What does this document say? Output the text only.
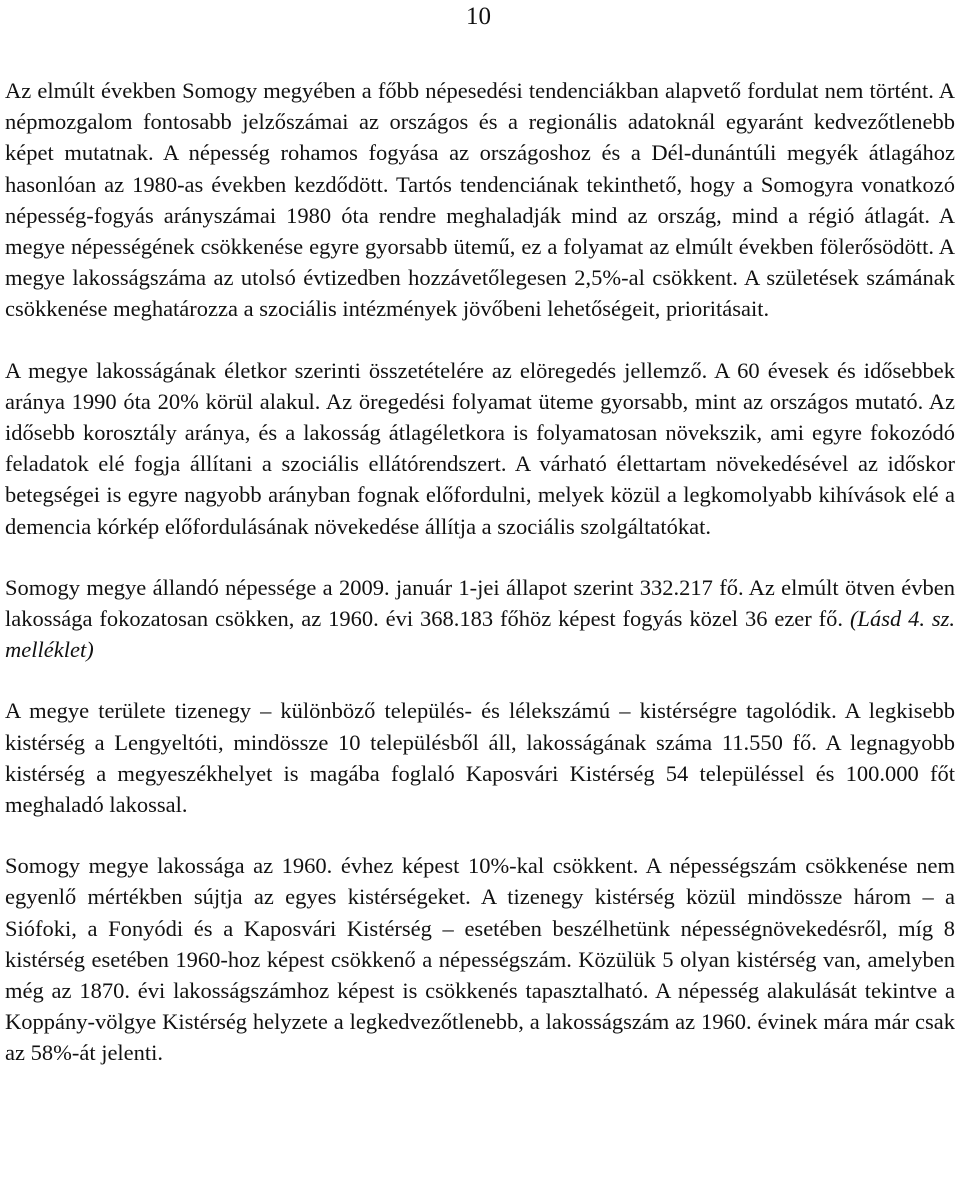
10

Az elmúlt években Somogy megyében a főbb népesedési tendenciákban alapvető fordulat nem történt. A népmozgalom fontosabb jelzőszámai az országos és a regionális adatoknál egyaránt kedvezőtlenebb képet mutatnak. A népesség rohamos fogyása az országoshoz és a Dél-dunántúli megyék átlagához hasonlóan az 1980-as években kezdődött. Tartós tendenciának tekinthető, hogy a Somogyra vonatkozó népesség-fogyás arányszámai 1980 óta rendre meghaladják mind az ország, mind a régió átlagát. A megye népességének csökkenése egyre gyorsabb ütemű, ez a folyamat az elmúlt években fölerősödött. A megye lakosságszáma az utolsó évtizedben hozzávetőlegesen 2,5%-al csökkent. A születések számának csökkenése meghatározza a szociális intézmények jövőbeni lehetőségeit, prioritásait.

A megye lakosságának életkor szerinti összetételére az elöregedés jellemző. A 60 évesek és idősebbek aránya 1990 óta 20% körül alakul. Az öregedési folyamat üteme gyorsabb, mint az országos mutató. Az idősebb korosztály aránya, és a lakosság átlagéletkora is folyamatosan növekszik, ami egyre fokozódó feladatok elé fogja állítani a szociális ellátórendszert. A várható élettartam növekedésével az időskor betegségei is egyre nagyobb arányban fognak előfordulni, melyek közül a legkomolyabb kihívások elé a demencia kórkép előfordulásának növekedése állítja a szociális szolgáltatókat.

Somogy megye állandó népessége a 2009. január 1-jei állapot szerint 332.217 fő. Az elmúlt ötven évben lakossága fokozatosan csökken, az 1960. évi 368.183 főhöz képest fogyás közel 36 ezer fő. (Lásd 4. sz. melléklet)

A megye területe tizenegy – különböző település- és lélekszámú – kistérségre tagolódik. A legkisebb kistérség a Lengyeltóti, mindössze 10 településből áll, lakosságának száma 11.550 fő. A legnagyobb kistérség a megyeszékhelyet is magába foglaló Kaposvári Kistérség 54 településsel és 100.000 főt meghaladó lakossal.

Somogy megye lakossága az 1960. évhez képest 10%-kal csökkent. A népességszám csökkenése nem egyenlő mértékben sújtja az egyes kistérségeket. A tizenegy kistérség közül mindössze három – a Siófoki, a Fonyódi és a Kaposvári Kistérség – esetében beszélhetünk népességnövekedésről, míg 8 kistérség esetében 1960-hoz képest csökkenő a népességszám. Közülük 5 olyan kistérség van, amelyben még az 1870. évi lakosságszámhoz képest is csökkenés tapasztalható. A népesség alakulását tekintve a Koppány-völgye Kistérség helyzete a legkedvezőtlenebb, a lakosságszám az 1960. évinek mára már csak az 58%-át jelenti.
